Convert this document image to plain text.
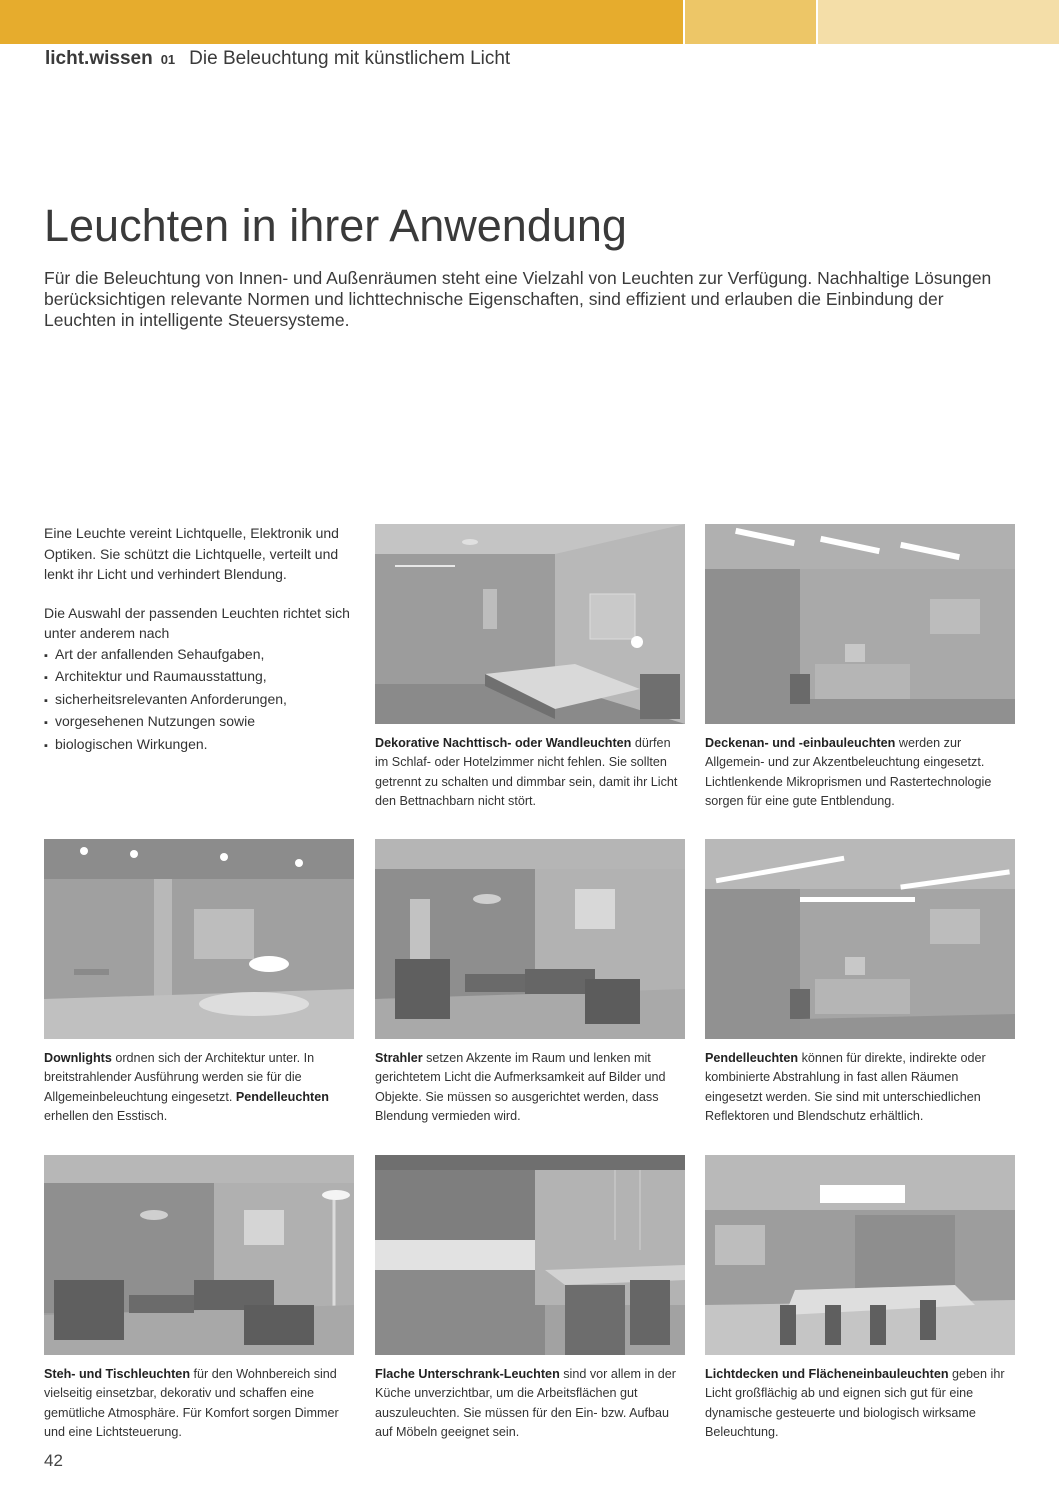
licht.wissen 01 Die Beleuchtung mit künstlichem Licht
Leuchten in ihrer Anwendung

Für die Beleuchtung von Innen- und Außenräumen steht eine Vielzahl von Leuchten zur Verfügung. Nachhaltige Lösungen berücksichtigen relevante Normen und lichttechnische Eigenschaften, sind effizient und erlauben die Einbindung der Leuchten in intelligente Steuersysteme.

Eine Leuchte vereint Lichtquelle, Elektronik und Optiken. Sie schützt die Lichtquelle, verteilt und lenkt ihr Licht und verhindert Blendung.

Die Auswahl der passenden Leuchten richtet sich unter anderem nach

▪ Art der anfallenden Sehaufgaben,
▪ Architektur und Raumausstattung,
▪ sicherheitsrelevanten Anforderungen,
▪ vorgesehenen Nutzungen sowie
▪ biologischen Wirkungen.	Dekorative Nachttisch- oder Wandleuchten dürfen im Schlaf- oder Hotelzimmer nicht fehlen. Sie sollten getrennt zu schalten und dimmbar sein, damit ihr Licht den Bettnachbarn nicht stört.
Deckenan- und -einbauleuchten werden zur Allgemein- und zur Akzentbeleuchtung eingesetzt. Lichtlenkende Mikroprismen und Rastertechnologie sorgen für eine gute Entblendung.
Downlights ordnen sich der Architektur unter. In breitstrahlender Ausführung werden sie für die Allgemeinbeleuchtung eingesetzt. Pendelleuchten erhellen den Esstisch.
Strahler setzen Akzente im Raum und lenken mit gerichtetem Licht die Aufmerksamkeit auf Bilder und Objekte. Sie müssen so ausgerichtet werden, dass Blendung vermieden wird.
Pendelleuchten können für direkte, indirekte oder kombinierte Abstrahlung in fast allen Räumen eingesetzt werden. Sie sind mit unterschiedlichen Reflektoren und Blendschutz erhältlich.
Steh- und Tischleuchten für den Wohnbereich sind vielseitig einsetzbar, dekorativ und schaffen eine gemütliche Atmosphäre. Für Komfort sorgen Dimmer und eine Lichtsteuerung.
Flache Unterschrank-Leuchten sind vor allem in der Küche unverzichtbar, um die Arbeitsflächen gut auszuleuchten. Sie müssen für den Ein- bzw. Aufbau auf Möbeln geeignet sein.
Lichtdecken und Flächeneinbauleuchten geben ihr Licht großflächig ab und eignen sich gut für eine dynamische gesteuerte und biologisch wirksame Beleuchtung.
42
